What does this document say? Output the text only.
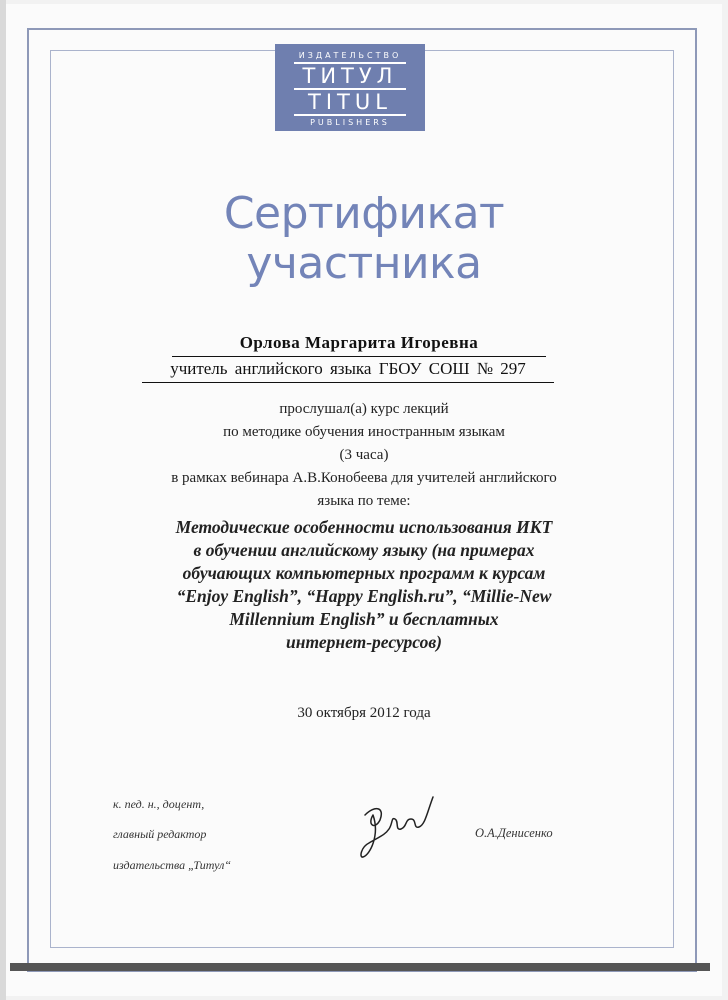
ИЗДАТЕЛЬСТВО
ТИТУЛ
TITUL
PUBLISHERS
Сертификат
участника
Орлова Маргарита Игоревна
учитель английского языка ГБОУ СОШ № 297
прослушал(а) курс лекций
по методике обучения иностранным языкам
(3 часа)
в рамках вебинара А.В.Конобеева для учителей английского
языка по теме:
Методические особенности использования ИКТ
в обучении английскому языку (на примерах
обучающих компьютерных программ к курсам
“Enjoy English”, “Happy English.ru”, “Millie-New
Millennium English” и бесплатных
интернет-ресурсов)
30 октября 2012 года
к. пед. н., доцент,
главный редактор
издательства „Титул“
О.А.Денисенко
